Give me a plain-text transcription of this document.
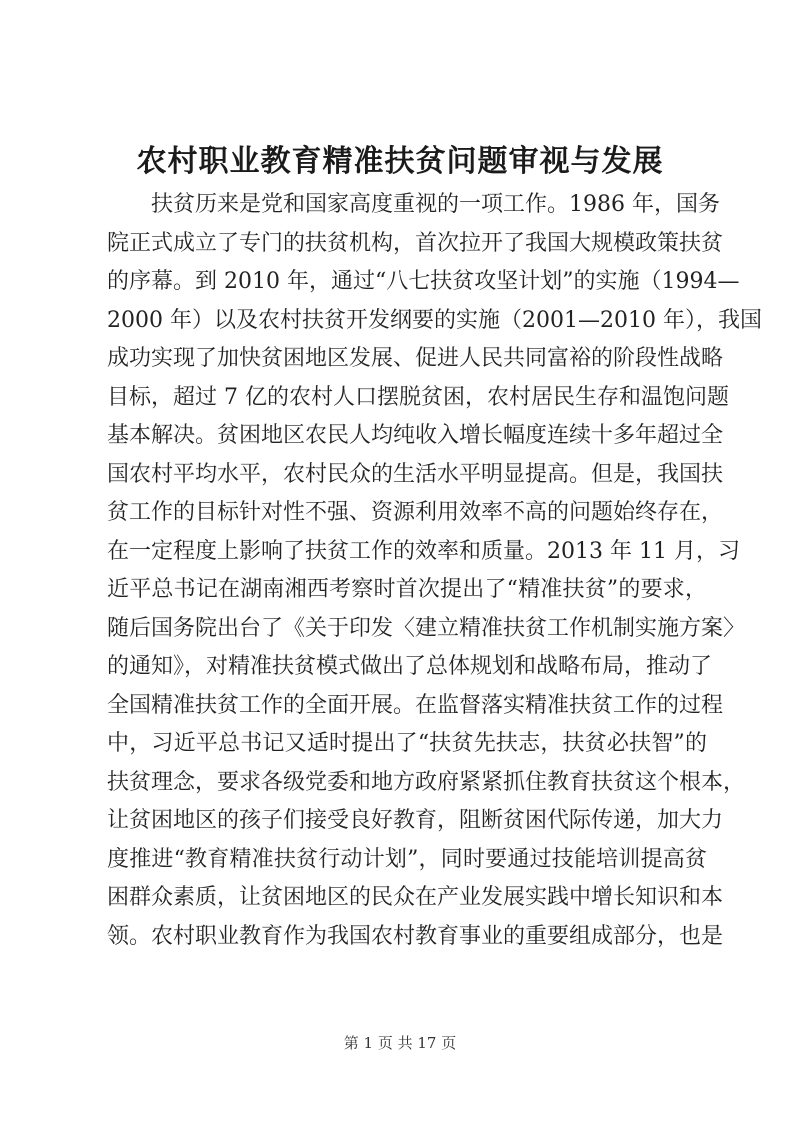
农村职业教育精准扶贫问题审视与发展
扶贫历来是党和国家高度重视的一项工作。1986 年，国务
院正式成立了专门的扶贫机构，首次拉开了我国大规模政策扶贫
的序幕。到 2010 年，通过“八七扶贫攻坚计划”的实施（1994—
2000 年）以及农村扶贫开发纲要的实施（2001—2010 年），我国
成功实现了加快贫困地区发展、促进人民共同富裕的阶段性战略
目标，超过 7 亿的农村人口摆脱贫困，农村居民生存和温饱问题
基本解决。贫困地区农民人均纯收入增长幅度连续十多年超过全
国农村平均水平，农村民众的生活水平明显提高。但是，我国扶
贫工作的目标针对性不强、资源利用效率不高的问题始终存在，
在一定程度上影响了扶贫工作的效率和质量。2013 年 11 月，习
近平总书记在湖南湘西考察时首次提出了“精准扶贫”的要求，
随后国务院出台了《关于印发〈建立精准扶贫工作机制实施方案〉
的通知》，对精准扶贫模式做出了总体规划和战略布局，推动了
全国精准扶贫工作的全面开展。在监督落实精准扶贫工作的过程
中，习近平总书记又适时提出了“扶贫先扶志，扶贫必扶智”的
扶贫理念，要求各级党委和地方政府紧紧抓住教育扶贫这个根本，
让贫困地区的孩子们接受良好教育，阻断贫困代际传递，加大力
度推进“教育精准扶贫行动计划”，同时要通过技能培训提高贫
困群众素质，让贫困地区的民众在产业发展实践中增长知识和本
领。农村职业教育作为我国农村教育事业的重要组成部分，也是
第 1 页 共 17 页
